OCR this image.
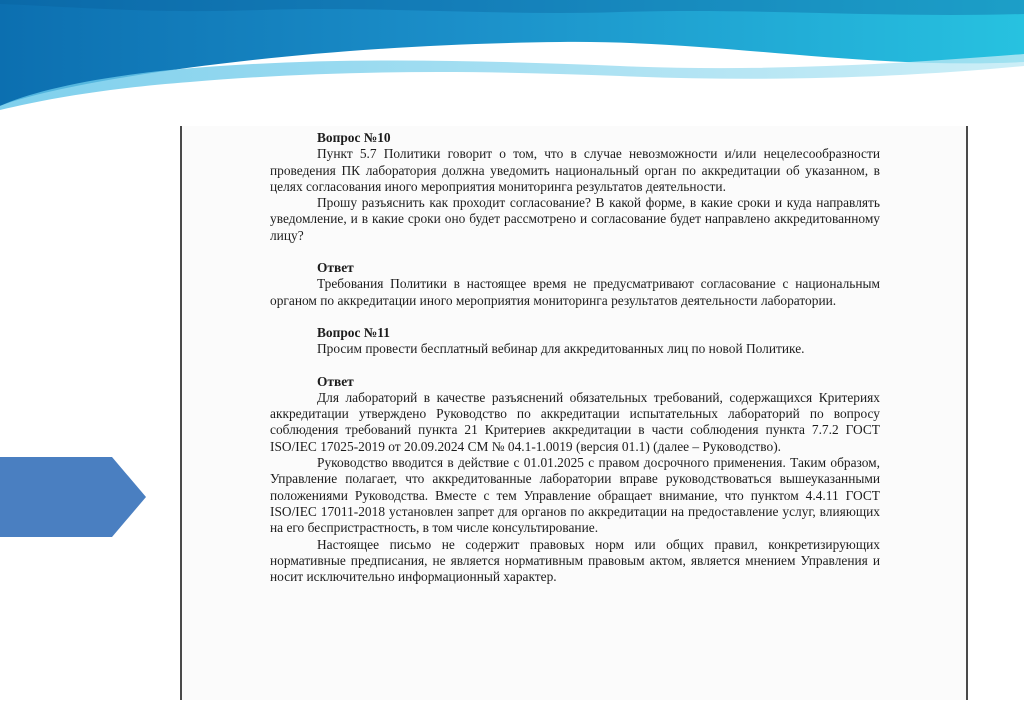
Вопрос №10

Пункт 5.7 Политики говорит о том, что в случае невозможности и/или нецелесообразности проведения ПК лаборатория должна уведомить национальный орган по аккредитации об указанном, в целях согласования иного мероприятия мониторинга результатов деятельности.

Прошу разъяснить как проходит согласование? В какой форме, в какие сроки и куда направлять уведомление, и в какие сроки оно будет рассмотрено и согласование будет направлено аккредитованному лицу?

Ответ

Требования Политики в настоящее время не предусматривают согласование с национальным органом по аккредитации иного мероприятия мониторинга результатов деятельности лаборатории.

Вопрос №11

Просим провести бесплатный вебинар для аккредитованных лиц по новой Политике.

Ответ

Для лабораторий в качестве разъяснений обязательных требований, содержащихся Критериях аккредитации утверждено Руководство по аккредитации испытательных лабораторий по вопросу соблюдения требований пункта 21 Критериев аккредитации в части соблюдения пункта 7.7.2 ГОСТ ISO/IEC 17025-2019 от 20.09.2024 СМ № 04.1-1.0019 (версия 01.1) (далее – Руководство).

Руководство вводится в действие с 01.01.2025 с правом досрочного применения. Таким образом, Управление полагает, что аккредитованные лаборатории вправе руководствоваться вышеуказанными положениями Руководства. Вместе с тем Управление обращает внимание, что пунктом 4.4.11 ГОСТ ISO/IEC 17011-2018 установлен запрет для органов по аккредитации на предоставление услуг, влияющих на его беспристрастность, в том числе консультирование.

Настоящее письмо не содержит правовых норм или общих правил, конкретизирующих нормативные предписания, не является нормативным правовым актом, является мнением Управления и носит исключительно информационный характер.
